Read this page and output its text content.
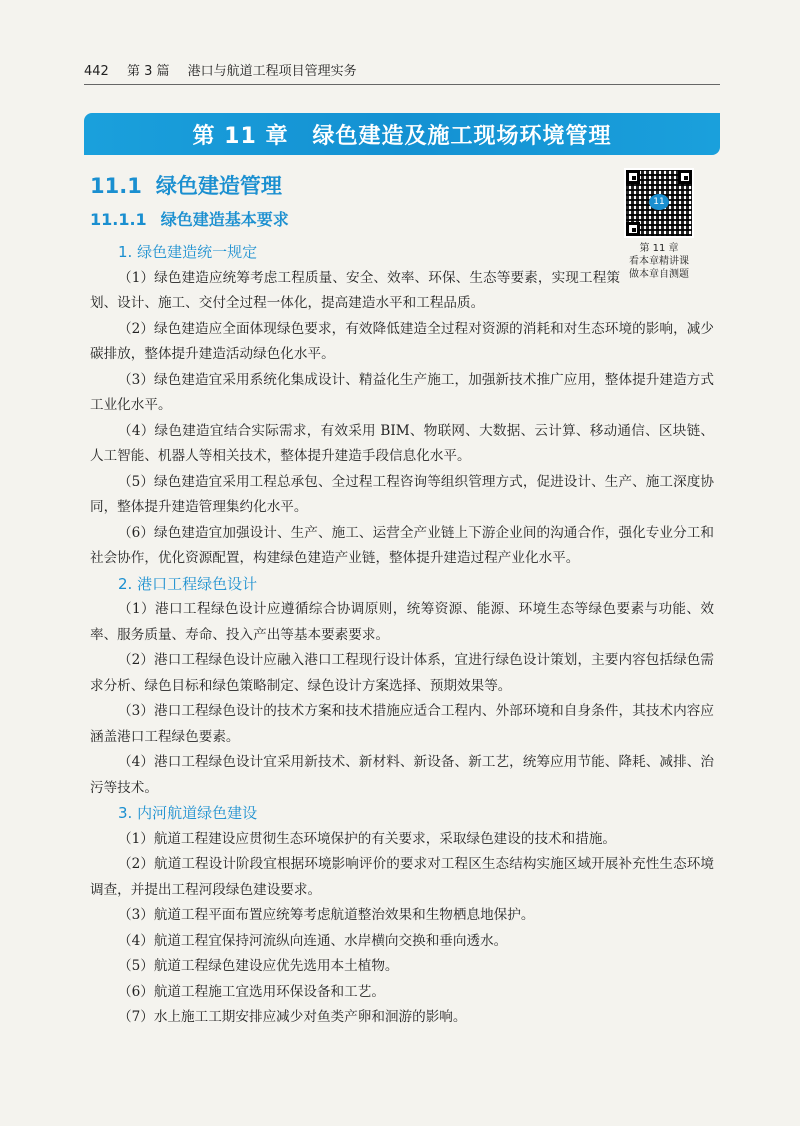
442 第 3 篇 港口与航道工程项目管理实务
第 11 章 绿色建造及施工现场环境管理
11.1 绿色建造管理
11.1.1 绿色建造基本要求
11
第 11 章
看本章精讲课
做本章自测题

1. 绿色建造统一规定

（1）绿色建造应统筹考虑工程质量、安全、效率、环保、生态等要素，实现工程策划、设计、施工、交付全过程一体化，提高建造水平和工程品质。

（2）绿色建造应全面体现绿色要求，有效降低建造全过程对资源的消耗和对生态环境的影响，减少碳排放，整体提升建造活动绿色化水平。

（3）绿色建造宜采用系统化集成设计、精益化生产施工，加强新技术推广应用，整体提升建造方式工业化水平。

（4）绿色建造宜结合实际需求，有效采用 BIM、物联网、大数据、云计算、移动通信、区块链、人工智能、机器人等相关技术，整体提升建造手段信息化水平。

（5）绿色建造宜采用工程总承包、全过程工程咨询等组织管理方式，促进设计、生产、施工深度协同，整体提升建造管理集约化水平。

（6）绿色建造宜加强设计、生产、施工、运营全产业链上下游企业间的沟通合作，强化专业分工和社会协作，优化资源配置，构建绿色建造产业链，整体提升建造过程产业化水平。

2. 港口工程绿色设计

（1）港口工程绿色设计应遵循综合协调原则，统筹资源、能源、环境生态等绿色要素与功能、效率、服务质量、寿命、投入产出等基本要素要求。

（2）港口工程绿色设计应融入港口工程现行设计体系，宜进行绿色设计策划，主要内容包括绿色需求分析、绿色目标和绿色策略制定、绿色设计方案选择、预期效果等。

（3）港口工程绿色设计的技术方案和技术措施应适合工程内、外部环境和自身条件，其技术内容应涵盖港口工程绿色要素。

（4）港口工程绿色设计宜采用新技术、新材料、新设备、新工艺，统筹应用节能、降耗、减排、治污等技术。

3. 内河航道绿色建设

（1）航道工程建设应贯彻生态环境保护的有关要求，采取绿色建设的技术和措施。

（2）航道工程设计阶段宜根据环境影响评价的要求对工程区生态结构实施区域开展补充性生态环境调查，并提出工程河段绿色建设要求。

（3）航道工程平面布置应统筹考虑航道整治效果和生物栖息地保护。

（4）航道工程宜保持河流纵向连通、水岸横向交换和垂向透水。

（5）航道工程绿色建设应优先选用本土植物。

（6）航道工程施工宜选用环保设备和工艺。

（7）水上施工工期安排应减少对鱼类产卵和洄游的影响。
